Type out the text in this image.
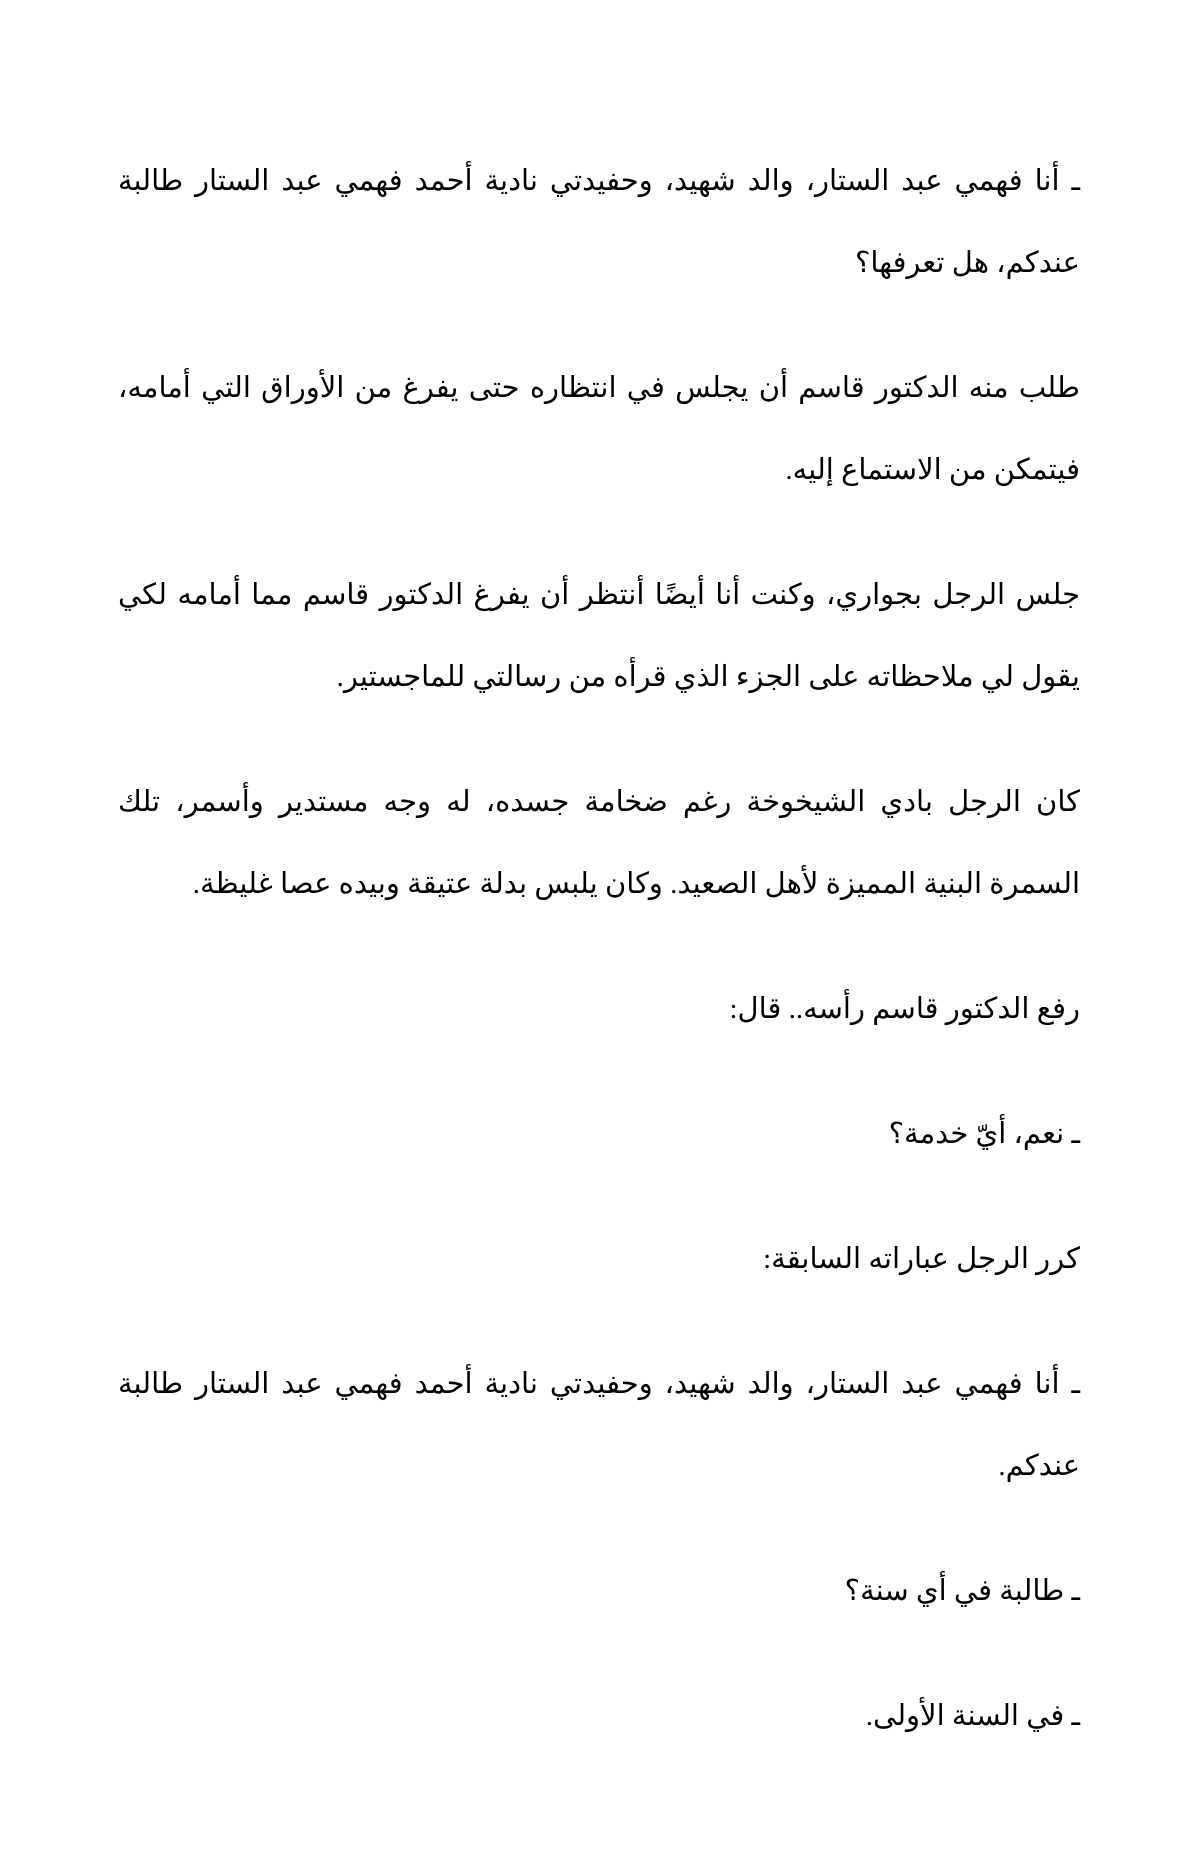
ـ أنا فهمي عبد الستار، والد شهيد، وحفيدتي نادية أحمد فهمي عبد الستار طالبة عندكم، هل تعرفها؟

طلب منه الدكتور قاسم أن يجلس في انتظاره حتى يفرغ من الأوراق التي أمامه، فيتمكن من الاستماع إليه.

جلس الرجل بجواري، وكنت أنا أيضًا أنتظر أن يفرغ الدكتور قاسم مما أمامه لكي يقول لي ملاحظاته على الجزء الذي قرأه من رسالتي للماجستير.

كان الرجل بادي الشيخوخة رغم ضخامة جسده، له وجه مستدير وأسمر، تلك السمرة البنية المميزة لأهل الصعيد. وكان يلبس بدلة عتيقة وبيده عصا غليظة.

رفع الدكتور قاسم رأسه.. قال:

ـ نعم، أيّ خدمة؟

كرر الرجل عباراته السابقة:

ـ أنا فهمي عبد الستار، والد شهيد، وحفيدتي نادية أحمد فهمي عبد الستار طالبة عندكم.

ـ طالبة في أي سنة؟

ـ في السنة الأولى.
